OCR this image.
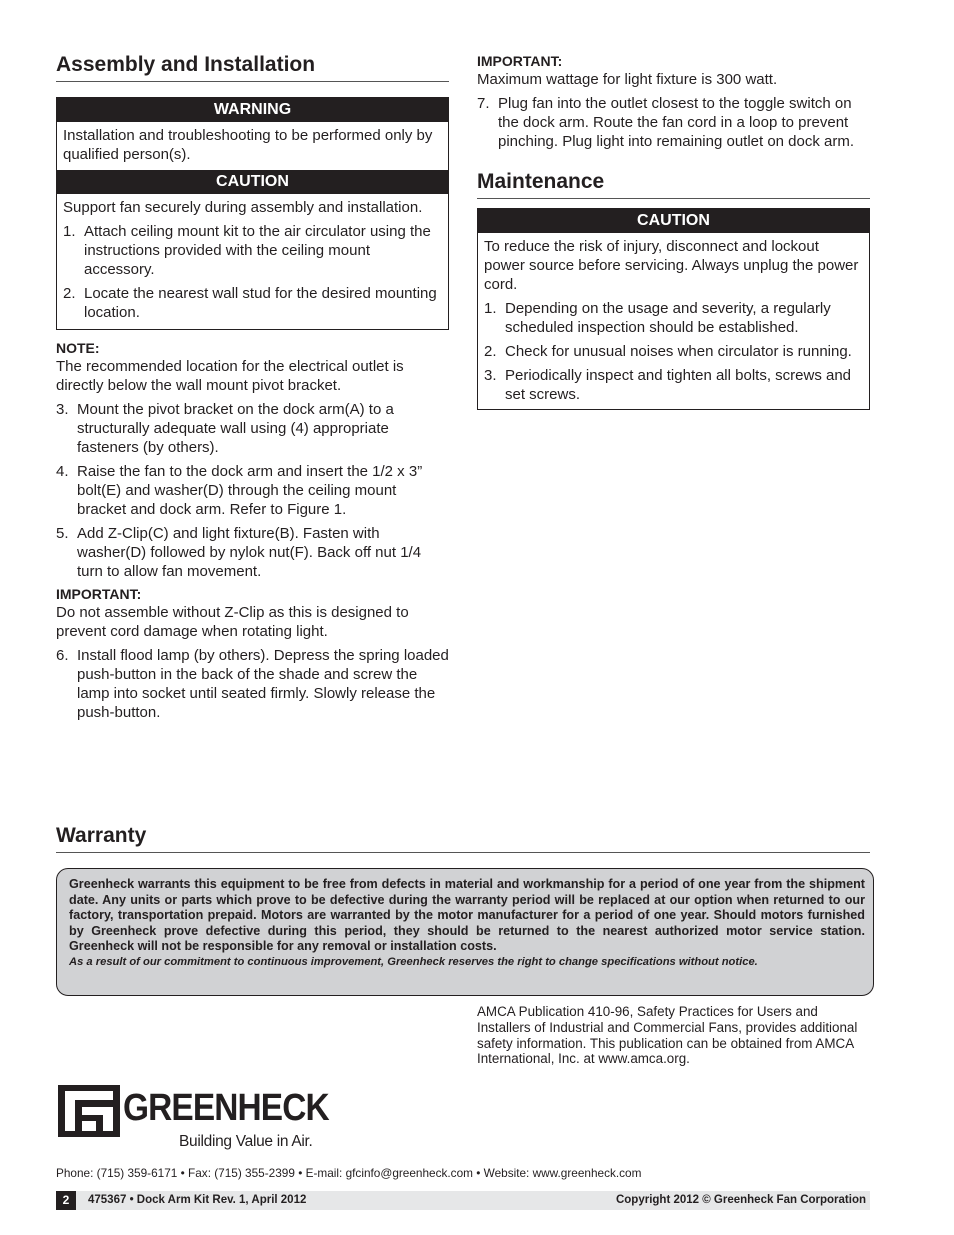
Assembly and Installation
WARNING
Installation and troubleshooting to be performed only by qualified person(s).
CAUTION

Support fan securely during assembly and installation.

1. Attach ceiling mount kit to the air circulator using the instructions provided with the ceiling mount accessory.
2. Locate the nearest wall stud for the desired mounting location.
NOTE:

The recommended location for the electrical outlet is directly below the wall mount pivot bracket.

3. Mount the pivot bracket on the dock arm(A) to a structurally adequate wall using (4) appropriate fasteners (by others).
4. Raise the fan to the dock arm and insert the 1/2 x 3” bolt(E) and washer(D) through the ceiling mount bracket and dock arm. Refer to Figure 1.
5. Add Z-Clip(C) and light fixture(B). Fasten with washer(D) followed by nylok nut(F). Back off nut 1/4 turn to allow fan movement.
IMPORTANT:

Do not assemble without Z-Clip as this is designed to prevent cord damage when rotating light.

6. Install flood lamp (by others). Depress the spring loaded push-button in the back of the shade and screw the lamp into socket until seated firmly. Slowly release the push-button.
IMPORTANT:

Maximum wattage for light fixture is 300 watt.

7. Plug fan into the outlet closest to the toggle switch on the dock arm. Route the fan cord in a loop to prevent pinching. Plug light into remaining outlet on dock arm.
Maintenance
CAUTION

To reduce the risk of injury, disconnect and lockout power source before servicing. Always unplug the power cord.

1. Depending on the usage and severity, a regularly scheduled inspection should be established.
2. Check for unusual noises when circulator is running.
3. Periodically inspect and tighten all bolts, screws and set screws.
Warranty

Greenheck warrants this equipment to be free from defects in material and workmanship for a period of one year from the shipment date. Any units or parts which prove to be defective during the warranty period will be replaced at our option when returned to our factory, transportation prepaid. Motors are warranted by the motor manufacturer for a period of one year. Should motors furnished by Greenheck prove defective during this period, they should be returned to the nearest authorized motor service station. Greenheck will not be responsible for any removal or installation costs.

As a result of our commitment to continuous improvement, Greenheck reserves the right to change specifications without notice.

AMCA Publication 410-96, Safety Practices for Users and Installers of Industrial and Commercial Fans, provides additional safety information. This publication can be obtained from AMCA International, Inc. at www.amca.org.
®
GREENHECK
Building Value in Air.
Phone: (715) 359-6171 • Fax: (715) 355-2399 • E-mail: gfcinfo@greenheck.com • Website: www.greenheck.com
2	475367 • Dock Arm Kit Rev. 1, April 2012	Copyright 2012 © Greenheck Fan Corporation
